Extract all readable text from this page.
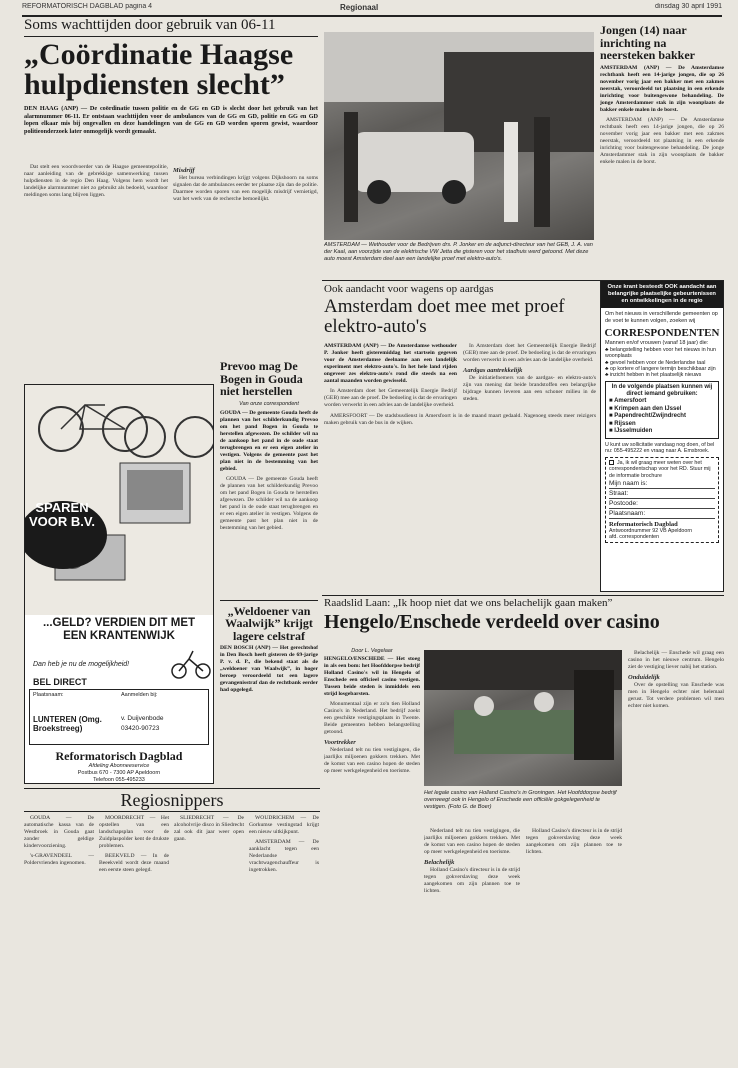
REFORMATORISCH DAGBLAD pagina 4	Regionaal	dinsdag 30 april 1991
Soms wachttijden door gebruik van 06-11
„Coördinatie Haagse hulpdiensten slecht”
DEN HAAG (ANP) — De coördinatie tussen politie en de GG en GD is slecht door het gebruik van het alarmnummer 06-11. Er ontstaan wachttijden voor de ambulances van de GG en GD, politie en GG en GD lopen elkaar mis bij ongevallen en deze handelingen van de GG en GD worden sporen gewist, waardoor politieonderzoek later onmogelijk wordt gemaakt.

Dat stelt een woordvoerder van de Haagse gemeentepolitie, naar aanleiding van de gebrekkige samenwerking tussen hulpdiensten in de regio Den Haag. Volgens hem wordt het landelijke alarmnummer niet zo gebruikt als bedoeld, waardoor meldingen soms lang blijven liggen.

Misdrijf

Het bureau verbindingen krijgt volgens Dijkshoorn nu soms signalen dat de ambulances eerder ter plaatse zijn dan de politie. Daarmee worden sporen van een mogelijk misdrijf vernietigd, wat het werk van de recherche bemoeilijkt.

SPAREN VOOR B.V.
...GELD? VERDIEN DIT MET EEN KRANTENWIJK
Dan heb je nu de mogelijkheid!
BEL DIRECT
Plaatsnaam:	Aanmelden bij:
LUNTEREN (Omg. Broekstreeg)
v. Duijvenbode
03420-90723
Reformatorisch Dagblad
Afdeling Abonneeservice
Postbus 670 - 7300 AP Apeldoorn
Telefoon 055-495233
Prevoo mag De Bogen in Gouda niet herstellen
Van onze correspondent
GOUDA — De gemeente Gouda heeft de plannen van het schilderkundig Prevoo om het pand Bogen in Gouda te herstellen afgewezen. De schilder wil na de aankoop het pand in de oude staat terugbrengen en er een eigen atelier in vestigen. Volgens de gemeente past het plan niet in de bestemming van het gebied.

GOUDA — De gemeente Gouda heeft de plannen van het schilderkundig Prevoo om het pand Bogen in Gouda te herstellen afgewezen. De schilder wil na de aankoop het pand in de oude staat terugbrengen en er een eigen atelier in vestigen. Volgens de gemeente past het plan niet in de bestemming van het gebied.

„Weldoener van Waalwijk” krijgt lagere celstraf
DEN BOSCH (ANP) — Het gerechtshof in Den Bosch heeft gisteren de 69-jarige P. v. d. P., die bekend staat als de „weldoener van Waalwijk”, in hoger beroep veroordeeld tot een lagere gevangenisstraf dan de rechtbank eerder had opgelegd.
AMSTERDAM — Wethouder voor de Bedrijven drs. P. Jonker en de adjunct-directeur van het GEB, J. A. van der Kaal, aan voorzijde van de elektrische VW Jetta die gisteren voor het stadhuis werd getoond. Met deze auto moest Amsterdam deel aan een landelijke proef met elektro-auto's.
Jongen (14) naar inrichting na neersteken bakker
AMSTERDAM (ANP) — De Amsterdamse rechtbank heeft een 14-jarige jongen, die op 26 november vorig jaar een bakker met een zakmes neerstak, veroordeeld tot plaatsing in een erkende inrichting voor buitengewone behandeling. De jonge Amsterdammer stak in zijn woonplaats de bakker enkele malen in de borst.

AMSTERDAM (ANP) — De Amsterdamse rechtbank heeft een 14-jarige jongen, die op 26 november vorig jaar een bakker met een zakmes neerstak, veroordeeld tot plaatsing in een erkende inrichting voor buitengewone behandeling. De jonge Amsterdammer stak in zijn woonplaats de bakker enkele malen in de borst.

Ook aandacht voor wagens op aardgas
Amsterdam doet mee met proef elektro-auto's
AMSTERDAM (ANP) — De Amsterdamse wethouder P. Jonker heeft gisteremiddag het startsein gegeven voor de Amsterdamse deelname aan een landelijk experiment met elektro-auto's. In het hele land rijden ongeveer zes elektro-auto's rond die steeds na een aantal maanden worden gewisseld.

In Amsterdam doet het Gemeentelijk Energie Bedrijf (GEB) mee aan de proef. De bedoeling is dat de ervaringen worden verwerkt in een advies aan de landelijke overheid.

In Amsterdam doet het Gemeentelijk Energie Bedrijf (GEB) mee aan de proef. De bedoeling is dat de ervaringen worden verwerkt in een advies aan de landelijke overheid.

Aardgas aantrekkelijk

De initiatiefnemers van de aardgas- en elektro-auto's zijn van mening dat beide brandstoffen een belangrijke bijdrage kunnen leveren aan een schoner milieu in de steden.

AMERSFOORT — De stadsbusdienst in Amersfoort is in de maand maart gedaald. Nagenoeg steeds meer reizigers maken gebruik van de bus in de wijken.

Onze krant besteedt OOK aandacht aan belangrijke plaatselijke gebeurtenissen en ontwikkelingen in de regio
Om het nieuws in verschillende gemeenten op de voet te kunnen volgen, zoeken wij
CORRESPONDENTEN
Mannen en/of vrouwen (vanaf 18 jaar) die:
♣ belangstelling hebben voor het nieuws in hun woonplaats
♣ gevoel hebben voor de Nederlandse taal
♣ op kortere of langere termijn beschikbaar zijn
♣ inzicht hebben in het plaatselijk nieuws
In de volgende plaatsen kunnen wij direct iemand gebruiken:
■ Amersfoort
■ Krimpen aan den IJssel
■ Papendrecht/Zwijndrecht
■ Rijssen
■ IJsselmuiden
U kunt uw sollicitatie vandaag nog doen, of bel nu: 055-495222 en vraag naar A. Emsbroek.
Ja, ik wil graag meer weten over het correspondentschap voor het RD. Stuur mij de informatie brochure
Mijn naam is:
Straat:
Postcode:
Plaatsnaam:
Reformatorisch Dagblad
Antwoordnummer 92 VB Apeldoorn
afd. correspondenten
Raadslid Laan: „Ik hoop niet dat we ons belachelijk gaan maken”
Hengelo/Enschede verdeeld over casino
Door L. Vegelaar
HENGELO/ENSCHEDE — Het stoeg in als een bom: het Hoofddorpse bedrijf Holland Casino's wil in Hengelo of Enschede een officieel casino vestigen. Tussen beide steden is inmiddels een strijd losgebarsten.

Monumentaal zijn er zo'n tien Holland Casino's in Nederland. Het bedrijf zoekt een geschikte vestigingsplaats in Twente. Beide gemeenten hebben belangstelling getoond.

Voortrekker

Nederland telt nu tien vestigingen, die jaarlijks miljoenen gokkers trekken. Met de komst van een casino hopen de steden op meer werkgelegenheid en toerisme.

Het legale casino van Holland Casino's in Groningen. Het Hoofddorpse bedrijf overweegt ook in Hengelo of Enschede een officiële gokgelegenheid te vestigen. (Foto G. de Boer)

Nederland telt nu tien vestigingen, die jaarlijks miljoenen gokkers trekken. Met de komst van een casino hopen de steden op meer werkgelegenheid en toerisme.

Belachelijk

Holland Casino's directeur is in de strijd tegen gokverslaving deze week aangekomen om zijn plannen toe te lichten.

Holland Casino's directeur is in de strijd tegen gokverslaving deze week aangekomen om zijn plannen toe te lichten.

Belachelijk — Enschede wil graag een casino in het nieuwe centrum. Hengelo ziet de vestiging liever nabij het station.

Onduidelijk

Over de opstelling van Enschede was men in Hengelo echter niet helemaal gerust. Tot verdere problemen wil men echter niet komen.

Regiosnippers

GOUDA — De automatische kassa van de Westbroek in Gouda gaat zonder geldige kindervoorziening.

's-GRAVENDEEL — Poldervrienden ingenomen.

MOORDRECHT — Het opstellen van een landschapsplan voor de Zuidplaspolder kent de drukste problemen.

BEEKVELD — In de Beeekveld wordt deze maand een eerste steen gelegd.

SLIEDRECHT — De alcoholvrije disco in Sliedrecht zal ook dit jaar weer open gaan.

WOUDRICHEM — De Gorkumse vestingstad krijgt een nieuw uitkijkpunt.

AMSTERDAM — De aanklacht tegen een Nederlandse vrachtwagenchauffeur is ingetrokken.
